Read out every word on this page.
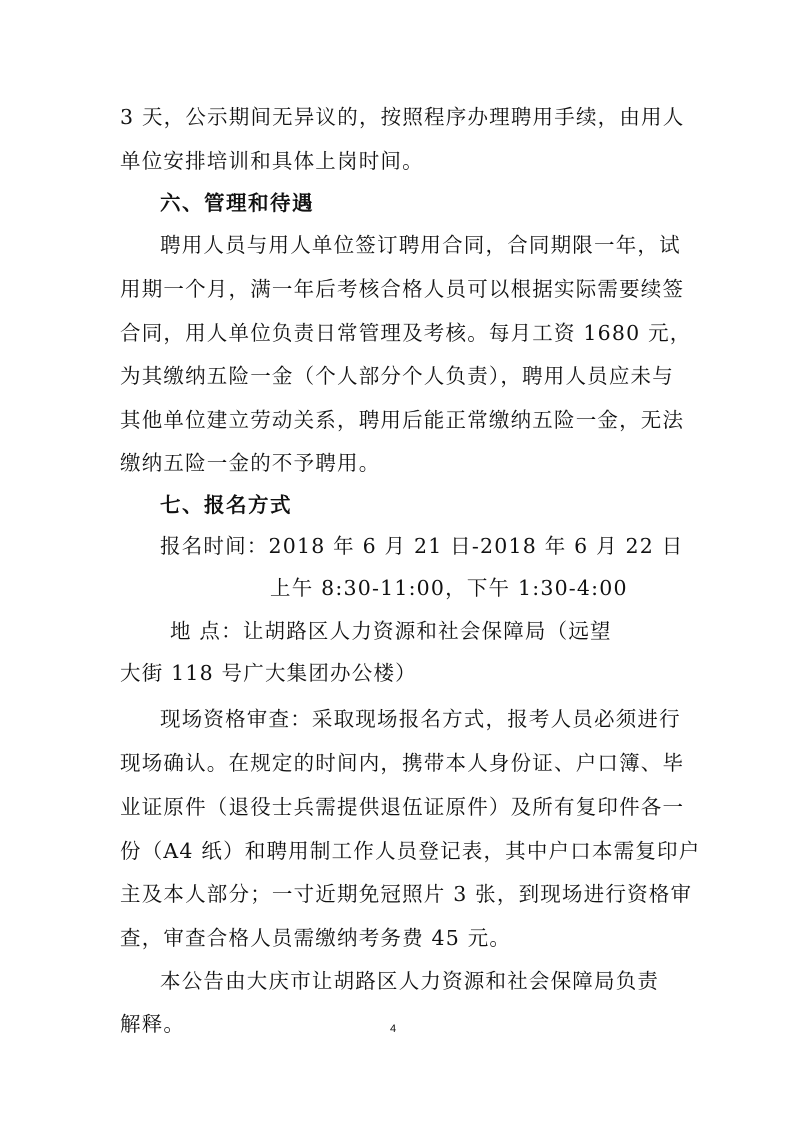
3 天，公示期间无异议的，按照程序办理聘用手续，由用人
单位安排培训和具体上岗时间。
六、管理和待遇
聘用人员与用人单位签订聘用合同，合同期限一年，试
用期一个月，满一年后考核合格人员可以根据实际需要续签
合同，用人单位负责日常管理及考核。每月工资 1680 元，
为其缴纳五险一金（个人部分个人负责），聘用人员应未与
其他单位建立劳动关系，聘用后能正常缴纳五险一金，无法
缴纳五险一金的不予聘用。
七、报名方式
报名时间：2018 年 6 月 21 日-2018 年 6 月 22 日
上午 8:30-11:00，下午 1:30-4:00
地 点：让胡路区人力资源和社会保障局（远望
大街 118 号广大集团办公楼）
现场资格审查：采取现场报名方式，报考人员必须进行
现场确认。在规定的时间内，携带本人身份证、户口簿、毕
业证原件（退役士兵需提供退伍证原件）及所有复印件各一
份（A4 纸）和聘用制工作人员登记表，其中户口本需复印户
主及本人部分；一寸近期免冠照片 3 张，到现场进行资格审
查，审查合格人员需缴纳考务费 45 元。
本公告由大庆市让胡路区人力资源和社会保障局负责
解释。	4
